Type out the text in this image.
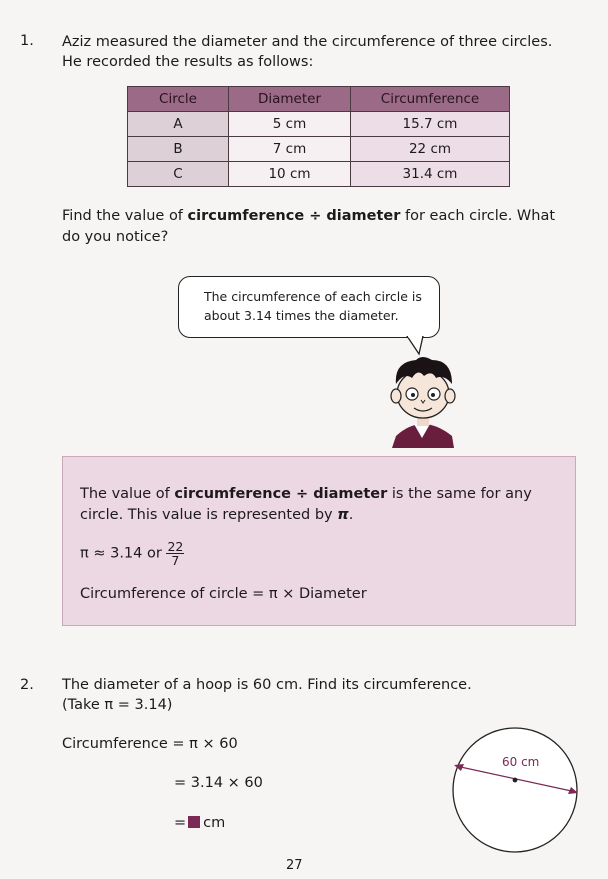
1. Aziz measured the diameter and the circumference of three circles.
He recorded the results as follows:
Circle	Diameter	Circumference
A	5 cm	15.7 cm
B	7 cm	22 cm
C	10 cm	31.4 cm
Find the value of circumference ÷ diameter for each circle. What
do you notice?
The circumference of each circle is
about 3.14 times the diameter.
The value of circumference ÷ diameter is the same for any
circle. This value is represented by π.
π ≈ 3.14 or $\frac{22}{7}$
Circumference of circle = π × Diameter
2. The diameter of a hoop is 60 cm. Find its circumference.
(Take π = 3.14)
Circumference = π × 60
= 3.14 × 60
= cm
60 cm
27
